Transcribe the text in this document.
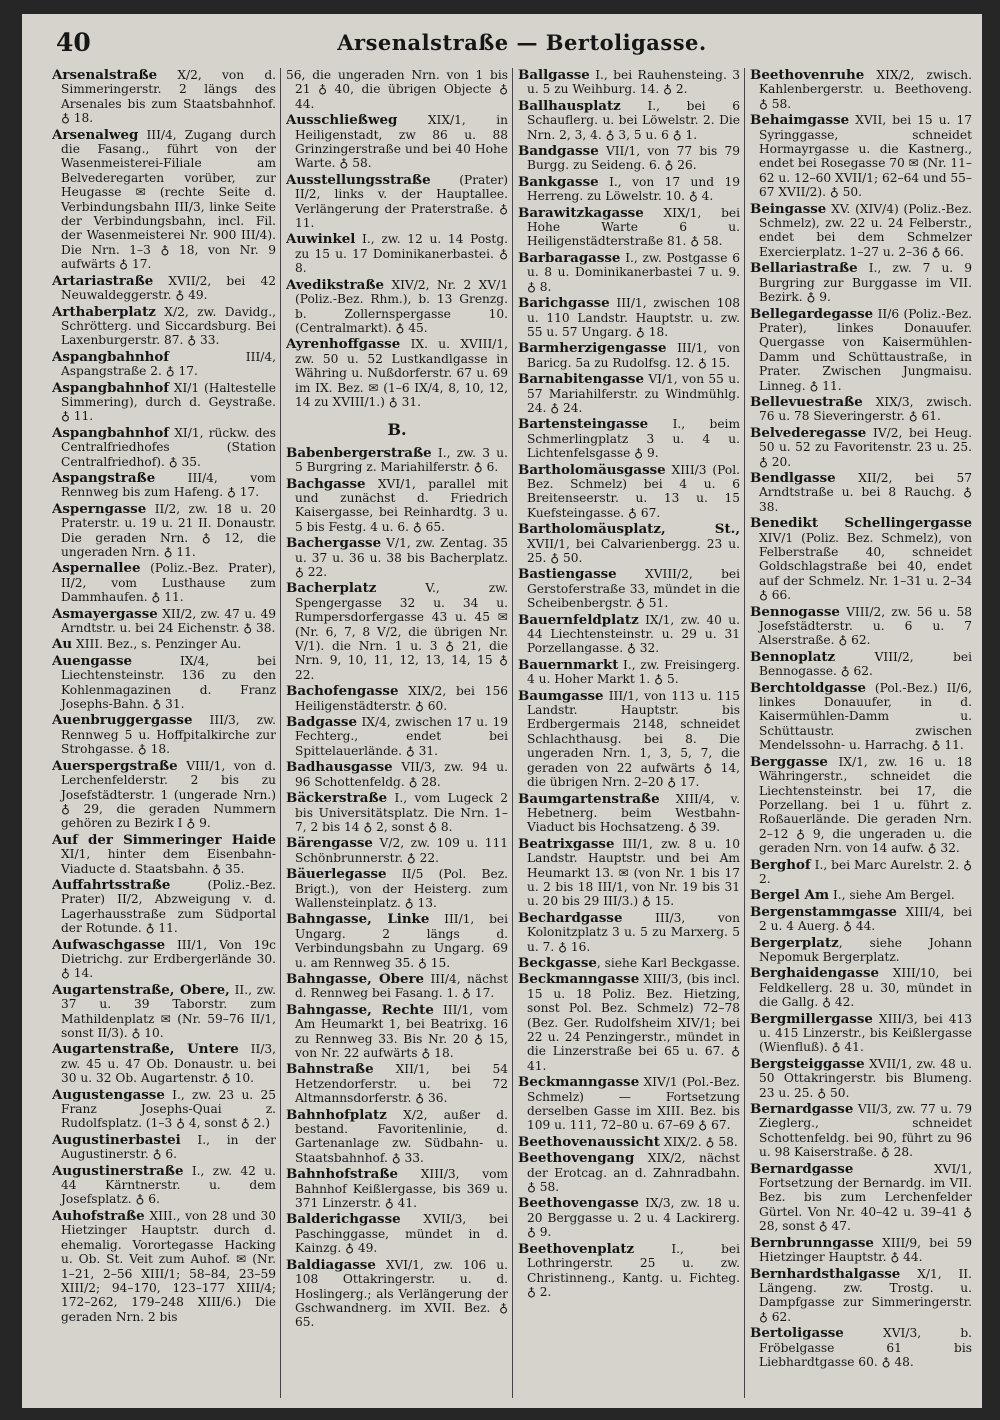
40	Arsenalstraße — Bertoligasse.

Arsenalstraße X/2, von d. Simmeringerstr. 2 längs des Arsenales bis zum Staatsbahnhof. ♁ 18.

Arsenalweg III/4, Zugang durch die Fasang., führt von der Wasenmeisterei-Filiale am Belvederegarten vorüber, zur Heugasse ✉ (rechte Seite d. Verbindungsbahn III/3, linke Seite der Verbindungsbahn, incl. Fil. der Wasenmeisterei Nr. 900 III/4). Die Nrn. 1–3 ♁ 18, von Nr. 9 aufwärts ♁ 17.

Artariastraße XVII/2, bei 42 Neuwaldeggerstr. ♁ 49.

Arthaberplatz X/2, zw. Davidg., Schrötterg. und Siccardsburg. Bei Laxenburgerstr. 87. ♁ 33.

Aspangbahnhof III/4, Aspangstraße 2. ♁ 17.

Aspangbahnhof XI/1 (Haltestelle Simmering), durch d. Geystraße. ♁ 11.

Aspangbahnhof XI/1, rückw. des Centralfriedhofes (Station Centralfriedhof). ♁ 35.

Aspangstraße III/4, vom Rennweg bis zum Hafeng. ♁ 17.

Asperngasse II/2, zw. 18 u. 20 Praterstr. u. 19 u. 21 II. Donaustr. Die geraden Nrn. ♁ 12, die ungeraden Nrn. ♁ 11.

Aspernallee (Poliz.-Bez. Prater), II/2, vom Lusthause zum Dammhaufen. ♁ 11.

Asmayergasse XII/2, zw. 47 u. 49 Arndtstr. u. bei 24 Eichenstr. ♁ 38.

Au XIII. Bez., s. Penzinger Au.

Auengasse IX/4, bei Liechtensteinstr. 136 zu den Kohlenmagazinen d. Franz Josephs-Bahn. ♁ 31.

Auenbruggergasse III/3, zw. Rennweg 5 u. Hoffpitalkirche zur Strohgasse. ♁ 18.

Auerspergstraße VIII/1, von d. Lerchenfelderstr. 2 bis zu Josefstädterstr. 1 (ungerade Nrn.) ♁ 29, die geraden Nummern gehören zu Bezirk I ♁ 9.

Auf der Simmeringer Haide XI/1, hinter dem Eisenbahn-Viaducte d. Staatsbahn. ♁ 35.

Auffahrtsstraße (Poliz.-Bez. Prater) II/2, Abzweigung v. d. Lagerhausstraße zum Südportal der Rotunde. ♁ 11.

Aufwaschgasse III/1, Von 19c Dietrichg. zur Erdbergerlände 30. ♁ 14.

Augartenstraße, Obere, II., zw. 37 u. 39 Taborstr. zum Mathildenplatz ✉ (Nr. 59–76 II/1, sonst II/3). ♁ 10.

Augartenstraße, Untere II/3, zw. 45 u. 47 Ob. Donaustr. u. bei 30 u. 32 Ob. Augartenstr. ♁ 10.

Augustengasse I., zw. 23 u. 25 Franz Josephs-Quai z. Rudolfsplatz. (1–3 ♁ 4, sonst ♁ 2.)

Augustinerbastei I., in der Augustinerstr. ♁ 6.

Augustinerstraße I., zw. 42 u. 44 Kärntnerstr. u. dem Josefsplatz. ♁ 6.

Auhofstraße XIII., von 28 und 30 Hietzinger Hauptstr. durch d. ehemalig. Vorortegasse Hacking u. Ob. St. Veit zum Auhof. ✉ (Nr. 1–21, 2–56 XIII/1; 58–84, 23–59 XIII/2; 94–170, 123–177 XIII/4; 172–262, 179–248 XIII/6.) Die geraden Nrn. 2 bis

56, die ungeraden Nrn. von 1 bis 21 ♁ 40, die übrigen Objecte ♁ 44.

Ausschließweg XIX/1, in Heiligenstadt, zw 86 u. 88 Grinzingerstraße und bei 40 Hohe Warte. ♁ 58.

Ausstellungsstraße (Prater) II/2, links v. der Hauptallee. Verlängerung der Praterstraße. ♁ 11.

Auwinkel I., zw. 12 u. 14 Postg. zu 15 u. 17 Dominikanerbastei. ♁ 8.

Avedikstraße XIV/2, Nr. 2 XV/1 (Poliz.-Bez. Rhm.), b. 13 Grenzg. b. Zollernspergasse 10. (Centralmarkt). ♁ 45.

Ayrenhoffgasse IX. u. XVIII/1, zw. 50 u. 52 Lustkandlgasse in Währing u. Nußdorferstr. 67 u. 69 im IX. Bez. ✉ (1–6 IX/4, 8, 10, 12, 14 zu XVIII/1.) ♁ 31.

B.

Babenbergerstraße I., zw. 3 u. 5 Burgring z. Mariahilferstr. ♁ 6.

Bachgasse XVI/1, parallel mit und zunächst d. Friedrich Kaisergasse, bei Reinhardtg. 3 u. 5 bis Festg. 4 u. 6. ♁ 65.

Bachergasse V/1, zw. Zentag. 35 u. 37 u. 36 u. 38 bis Bacherplatz. ♁ 22.

Bacherplatz V., zw. Spengergasse 32 u. 34 u. Rumpersdorfergasse 43 u. 45 ✉ (Nr. 6, 7, 8 V/2, die übrigen Nr. V/1). die Nrn. 1 u. 3 ♁ 21, die Nrn. 9, 10, 11, 12, 13, 14, 15 ♁ 22.

Bachofengasse XIX/2, bei 156 Heiligenstädterstr. ♁ 60.

Badgasse IX/4, zwischen 17 u. 19 Fechterg., endet bei Spittelauerlände. ♁ 31.

Badhausgasse VII/3, zw. 94 u. 96 Schottenfeldg. ♁ 28.

Bäckerstraße I., vom Lugeck 2 bis Universitätsplatz. Die Nrn. 1–7, 2 bis 14 ♁ 2, sonst ♁ 8.

Bärengasse V/2, zw. 109 u. 111 Schönbrunnerstr. ♁ 22.

Bäuerlegasse II/5 (Pol. Bez. Brigt.), von der Heisterg. zum Wallensteinplatz. ♁ 13.

Bahngasse, Linke III/1, bei Ungarg. 2 längs d. Verbindungsbahn zu Ungarg. 69 u. am Rennweg 35. ♁ 15.

Bahngasse, Obere III/4, nächst d. Rennweg bei Fasang. 1. ♁ 17.

Bahngasse, Rechte III/1, vom Am Heumarkt 1, bei Beatrixg. 16 zu Rennweg 33. Bis Nr. 20 ♁ 15, von Nr. 22 aufwärts ♁ 18.

Bahnstraße XII/1, bei 54 Hetzendorferstr. u. bei 72 Altmannsdorferstr. ♁ 36.

Bahnhofplatz X/2, außer d. bestand. Favoritenlinie, d. Gartenanlage zw. Südbahn- u. Staatsbahnhof. ♁ 33.

Bahnhofstraße XIII/3, vom Bahnhof Keißlergasse, bis 369 u. 371 Linzerstr. ♁ 41.

Balderichgasse XVII/3, bei Paschinggasse, mündet in d. Kainzg. ♁ 49.

Baldiagasse XVI/1, zw. 106 u. 108 Ottakringerstr. u. d. Hoslingerg.; als Verlängerung der Gschwandnerg. im XVII. Bez. ♁ 65.

Ballgasse I., bei Rauhensteing. 3 u. 5 zu Weihburg. 14. ♁ 2.

Ballhausplatz I., bei 6 Schauflerg. u. bei Löwelstr. 2. Die Nrn. 2, 3, 4. ♁ 3, 5 u. 6 ♁ 1.

Bandgasse VII/1, von 77 bis 79 Burgg. zu Seideng. 6. ♁ 26.

Bankgasse I., von 17 und 19 Herreng. zu Löwelstr. 10. ♁ 4.

Barawitzkagasse XIX/1, bei Hohe Warte 6 u. Heiligenstädterstraße 81. ♁ 58.

Barbaragasse I., zw. Postgasse 6 u. 8 u. Dominikanerbastei 7 u. 9. ♁ 8.

Barichgasse III/1, zwischen 108 u. 110 Landstr. Hauptstr. u. zw. 55 u. 57 Ungarg. ♁ 18.

Barmherzigengasse III/1, von Baricg. 5a zu Rudolfsg. 12. ♁ 15.

Barnabitengasse VI/1, von 55 u. 57 Mariahilferstr. zu Windmühlg. 24. ♁ 24.

Bartensteingasse I., beim Schmerlingplatz 3 u. 4 u. Lichtenfelsgasse ♁ 9.

Bartholomäusgasse XIII/3 (Pol. Bez. Schmelz) bei 4 u. 6 Breitenseerstr. u. 13 u. 15 Kuefsteingasse. ♁ 67.

Bartholomäusplatz, St., XVII/1, bei Calvarienbergg. 23 u. 25. ♁ 50.

Bastiengasse XVIII/2, bei Gerstoferstraße 33, mündet in die Scheibenbergstr. ♁ 51.

Bauernfeldplatz IX/1, zw. 40 u. 44 Liechtensteinstr. u. 29 u. 31 Porzellangasse. ♁ 32.

Bauernmarkt I., zw. Freisingerg. 4 u. Hoher Markt 1. ♁ 5.

Baumgasse III/1, von 113 u. 115 Landstr. Hauptstr. bis Erdbergermais 2148, schneidet Schlachthausg. bei 8. Die ungeraden Nrn. 1, 3, 5, 7, die geraden von 22 aufwärts ♁ 14, die übrigen Nrn. 2–20 ♁ 17.

Baumgartenstraße XIII/4, v. Hebetnerg. beim Westbahn-Viaduct bis Hochsatzeng. ♁ 39.

Beatrixgasse III/1, zw. 8 u. 10 Landstr. Hauptstr. und bei Am Heumarkt 13. ✉ (von Nr. 1 bis 17 u. 2 bis 18 III/1, von Nr. 19 bis 31 u. 20 bis 29 III/3.) ♁ 15.

Bechardgasse III/3, von Kolonitzplatz 3 u. 5 zu Marxerg. 5 u. 7. ♁ 16.

Beckgasse, siehe Karl Beckgasse.

Beckmanngasse XIII/3, (bis incl. 15 u. 18 Poliz. Bez. Hietzing, sonst Pol. Bez. Schmelz) 72–78 (Bez. Ger. Rudolfsheim XIV/1; bei 22 u. 24 Penzingerstr., mündet in die Linzerstraße bei 65 u. 67. ♁ 41.

Beckmanngasse XIV/1 (Pol.-Bez. Schmelz) — Fortsetzung derselben Gasse im XIII. Bez. bis 109 u. 111, 72–80 u. 67–69 ♁ 67.

Beethovenaussicht XIX/2. ♁ 58.

Beethovengang XIX/2, nächst der Erotcag. an d. Zahnradbahn. ♁ 58.

Beethovengasse IX/3, zw. 18 u. 20 Berggasse u. 2 u. 4 Lackirerg. ♁ 9.

Beethovenplatz I., bei Lothringerstr. 25 u. zw. Christinneng., Kantg. u. Fichteg. ♁ 2.

Beethovenruhe XIX/2, zwisch. Kahlenbergerstr. u. Beethoveng. ♁ 58.

Behaimgasse XVII, bei 15 u. 17 Syringgasse, schneidet Hormayrgasse u. die Kastnerg., endet bei Rosegasse 70 ✉ (Nr. 11–62 u. 12–60 XVII/1; 62–64 und 55–67 XVII/2). ♁ 50.

Beingasse XV. (XIV/4) (Poliz.-Bez. Schmelz), zw. 22 u. 24 Felberstr., endet bei dem Schmelzer Exercierplatz. 1–27 u. 2–36 ♁ 66.

Bellariastraße I., zw. 7 u. 9 Burgring zur Burggasse im VII. Bezirk. ♁ 9.

Bellegardegasse II/6 (Poliz.-Bez. Prater), linkes Donauufer. Quergasse von Kaisermühlen-Damm und Schüttaustraße, in Prater. Zwischen Jungmaisu. Linneg. ♁ 11.

Bellevuestraße XIX/3, zwisch. 76 u. 78 Sieveringerstr. ♁ 61.

Belvederegasse IV/2, bei Heug. 50 u. 52 zu Favoritenstr. 23 u. 25. ♁ 20.

Bendlgasse XII/2, bei 57 Arndtstraße u. bei 8 Rauchg. ♁ 38.

Benedikt Schellingergasse XIV/1 (Poliz. Bez. Schmelz), von Felberstraße 40, schneidet Goldschlagstraße bei 40, endet auf der Schmelz. Nr. 1–31 u. 2–34 ♁ 66.

Bennogasse VIII/2, zw. 56 u. 58 Josefstädterstr. u. 6 u. 7 Alserstraße. ♁ 62.

Bennoplatz VIII/2, bei Bennogasse. ♁ 62.

Berchtoldgasse (Pol.-Bez.) II/6, linkes Donauufer, in d. Kaisermühlen-Damm u. Schüttaustr. zwischen Mendelssohn- u. Harrachg. ♁ 11.

Berggasse IX/1, zw. 16 u. 18 Währingerstr., schneidet die Liechtensteinstr. bei 17, die Porzellang. bei 1 u. führt z. Roßauerlände. Die geraden Nrn. 2–12 ♁ 9, die ungeraden u. die geraden Nrn. von 14 aufw. ♁ 32.

Berghof I., bei Marc Aurelstr. 2. ♁ 2.

Bergel Am I., siehe Am Bergel.

Bergenstammgasse XIII/4, bei 2 u. 4 Auerg. ♁ 44.

Bergerplatz, siehe Johann Nepomuk Bergerplatz.

Berghaidengasse XIII/10, bei Feldkellerg. 28 u. 30, mündet in die Gallg. ♁ 42.

Bergmillergasse XIII/3, bei 413 u. 415 Linzerstr., bis Keißlergasse (Wienfluß). ♁ 41.

Bergsteiggasse XVII/1, zw. 48 u. 50 Ottakringerstr. bis Blumeng. 23 u. 25. ♁ 50.

Bernardgasse VII/3, zw. 77 u. 79 Zieglerg., schneidet Schottenfeldg. bei 90, führt zu 96 u. 98 Kaiserstraße. ♁ 28.

Bernardgasse XVI/1, Fortsetzung der Bernardg. im VII. Bez. bis zum Lerchenfelder Gürtel. Von Nr. 40–42 u. 39–41 ♁ 28, sonst ♁ 47.

Bernbrunngasse XIII/9, bei 59 Hietzinger Hauptstr. ♁ 44.

Bernhardsthalgasse X/1, II. Längeng. zw. Trostg. u. Dampfgasse zur Simmeringerstr. ♁ 62.

Bertoligasse XVI/3, b. Fröbelgasse 61 bis Liebhardtgasse 60. ♁ 48.
